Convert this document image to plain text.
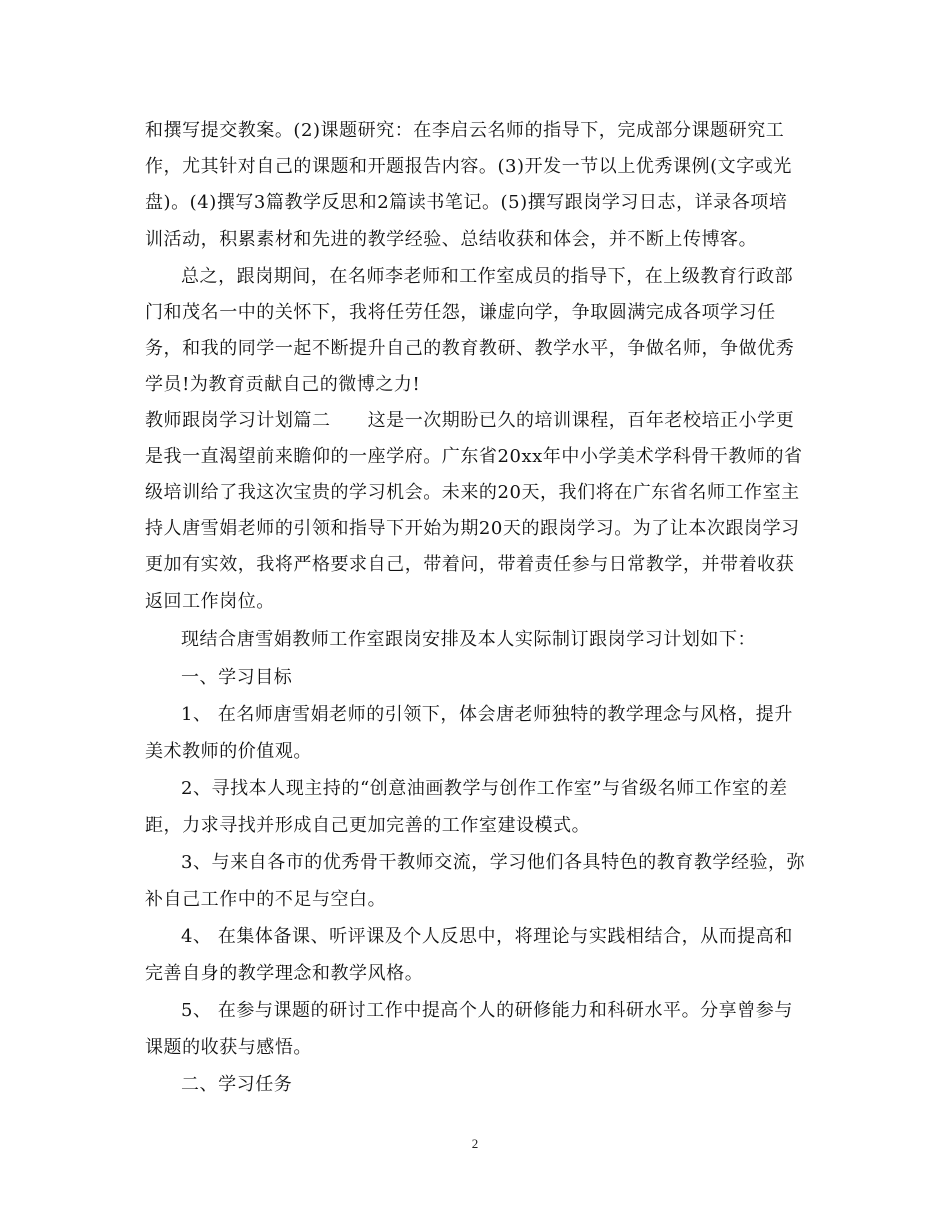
和撰写提交教案。(2)课题研究：在李启云名师的指导下，完成部分课题研究工
作，尤其针对自己的课题和开题报告内容。(3)开发一节以上优秀课例(文字或光
盘)。(4)撰写3篇教学反思和2篇读书笔记。(5)撰写跟岗学习日志，详录各项培
训活动，积累素材和先进的教学经验、总结收获和体会，并不断上传博客。
总之，跟岗期间，在名师李老师和工作室成员的指导下，在上级教育行政部
门和茂名一中的关怀下，我将任劳任怨，谦虚向学，争取圆满完成各项学习任
务，和我的同学一起不断提升自己的教育教研、教学水平，争做名师，争做优秀
学员!为教育贡献自己的微博之力!
教师跟岗学习计划篇二　　这是一次期盼已久的培训课程，百年老校培正小学更
是我一直渴望前来瞻仰的一座学府。广东省20xx年中小学美术学科骨干教师的省
级培训给了我这次宝贵的学习机会。未来的20天，我们将在广东省名师工作室主
持人唐雪娟老师的引领和指导下开始为期20天的跟岗学习。为了让本次跟岗学习
更加有实效，我将严格要求自己，带着问，带着责任参与日常教学，并带着收获
返回工作岗位。
现结合唐雪娟教师工作室跟岗安排及本人实际制订跟岗学习计划如下：
一、学习目标
1、 在名师唐雪娟老师的引领下，体会唐老师独特的教学理念与风格，提升
美术教师的价值观。
2、寻找本人现主持的“创意油画教学与创作工作室”与省级名师工作室的差
距，力求寻找并形成自己更加完善的工作室建设模式。
3、与来自各市的优秀骨干教师交流，学习他们各具特色的教育教学经验，弥
补自己工作中的不足与空白。
4、 在集体备课、听评课及个人反思中，将理论与实践相结合，从而提高和
完善自身的教学理念和教学风格。
5、 在参与课题的研讨工作中提高个人的研修能力和科研水平。分享曾参与
课题的收获与感悟。
二、学习任务
2
